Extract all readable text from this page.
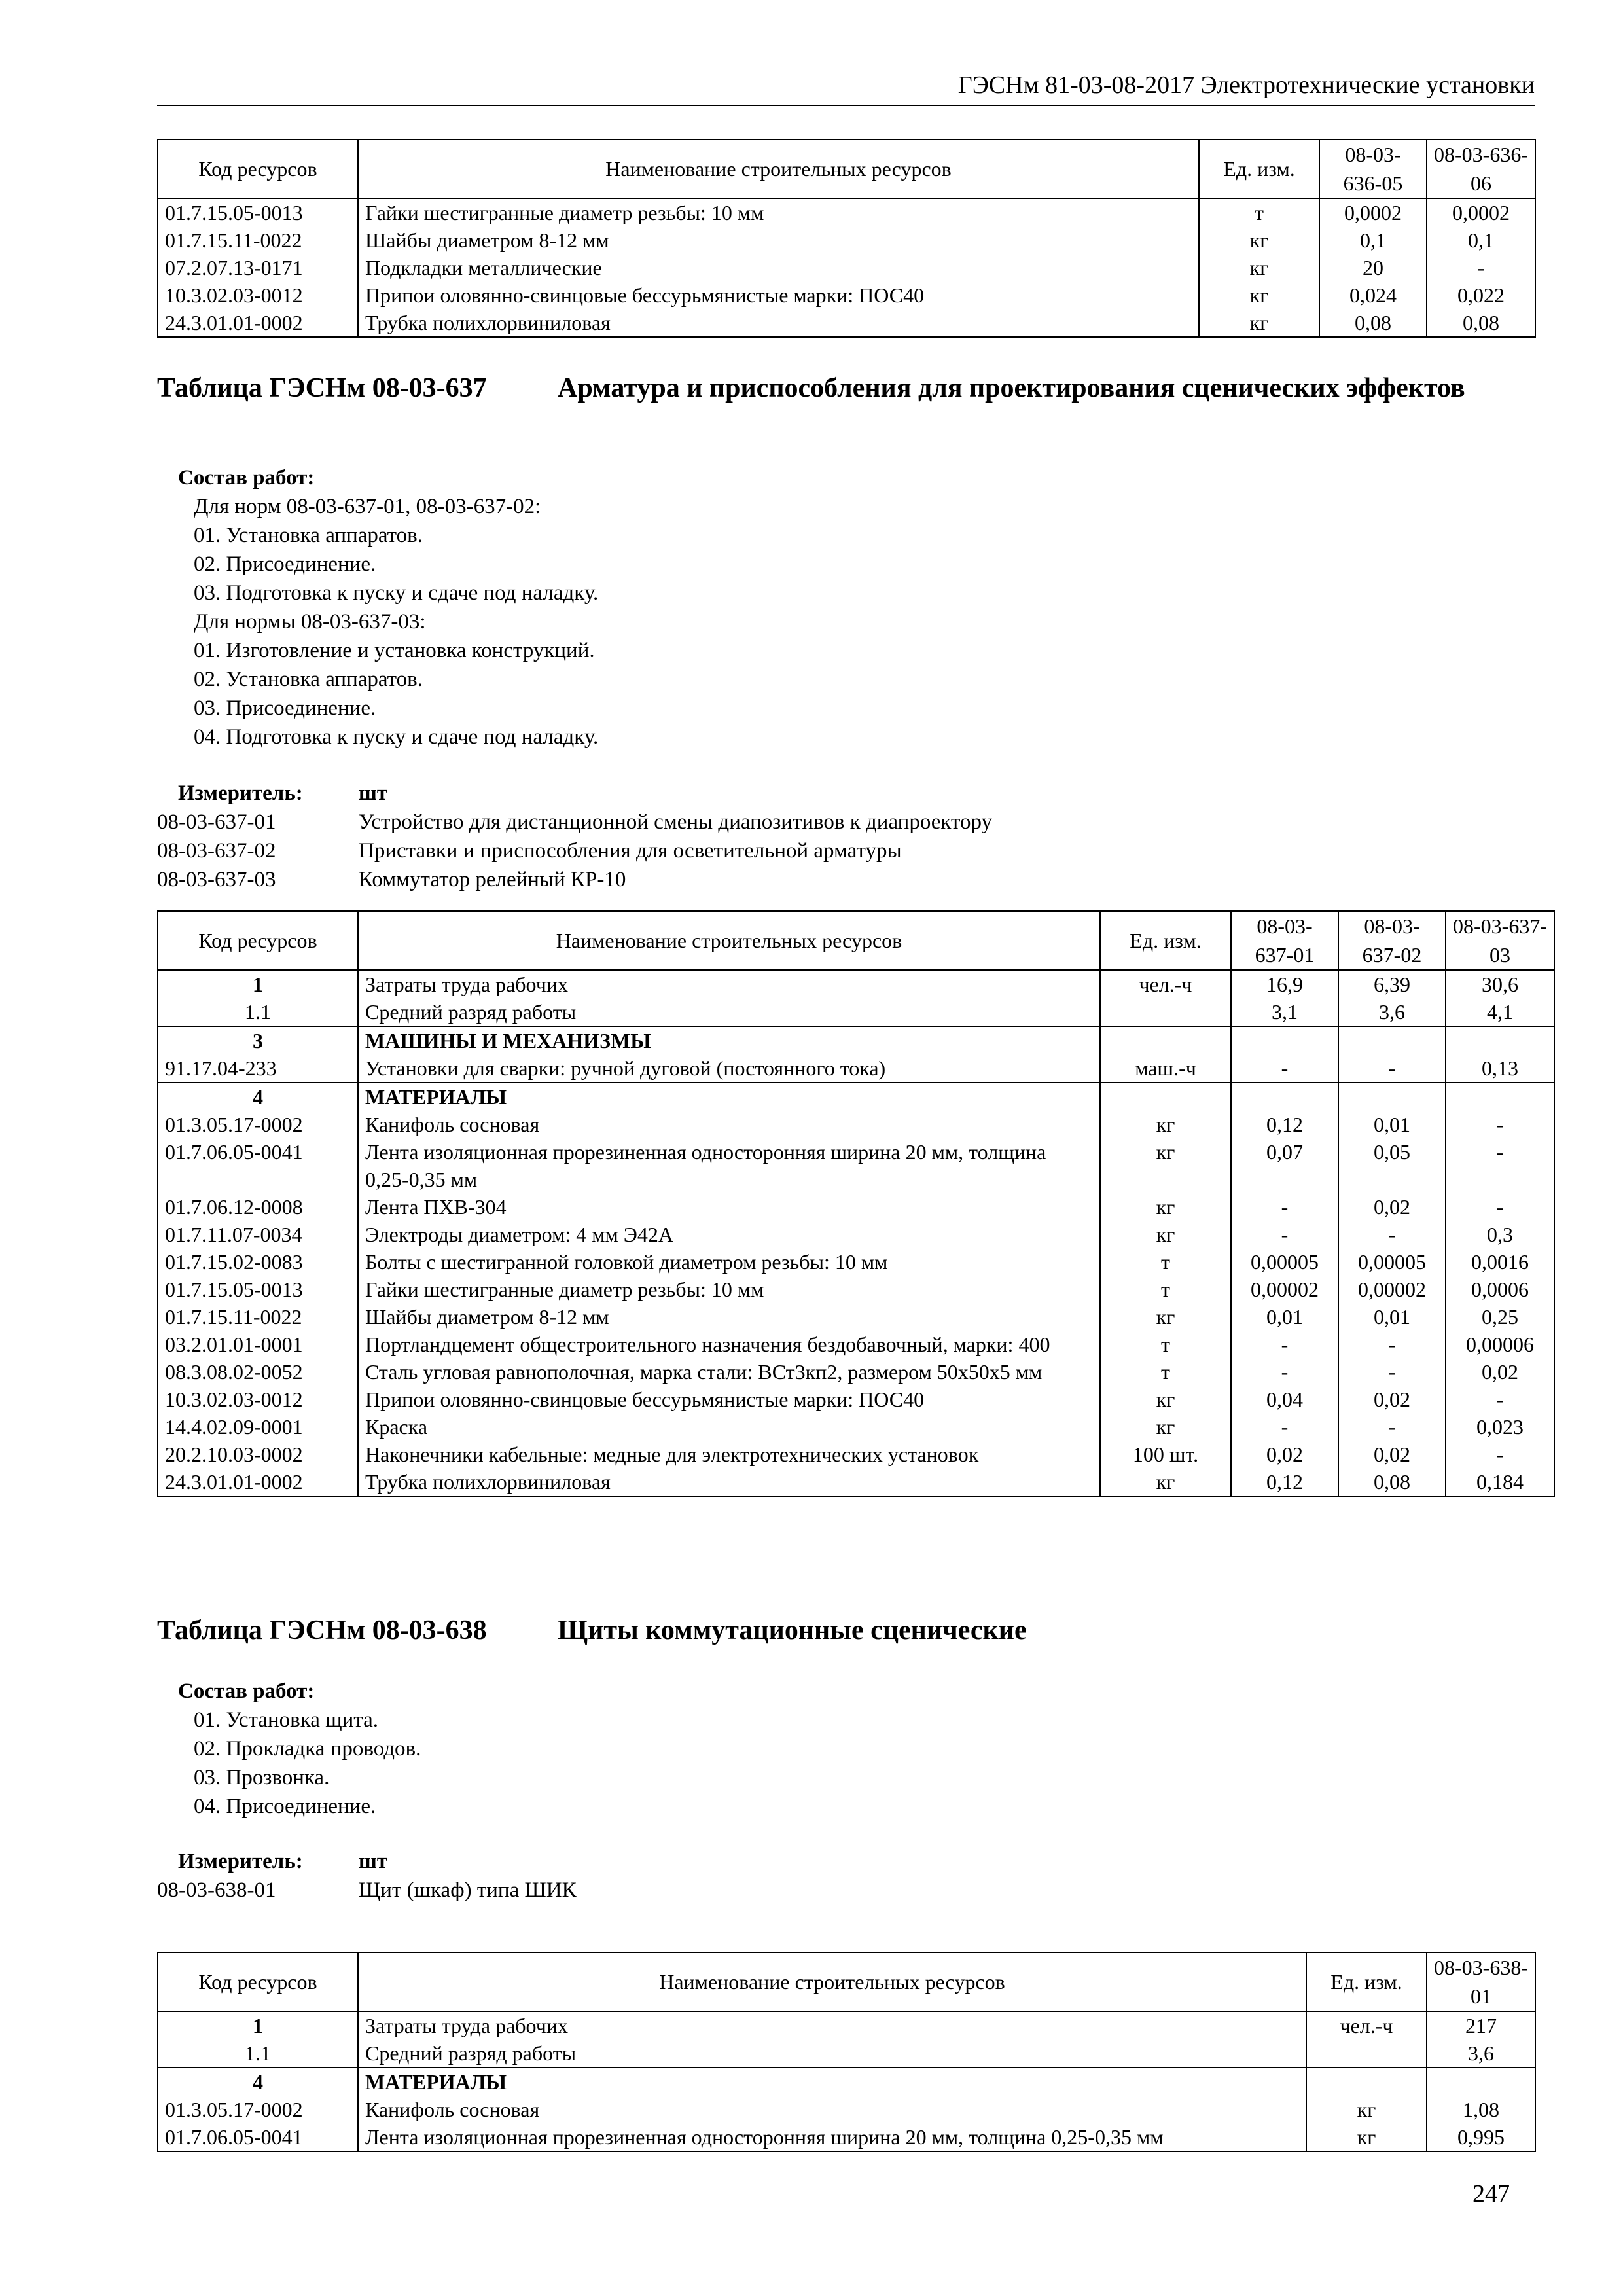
ГЭСНм 81-03-08-2017 Электротехнические установки
Код ресурсов	Наименование строительных ресурсов	Ед. изм.	08-03-636-05	08-03-636-06
01.7.15.05-0013	Гайки шестигранные диаметр резьбы: 10 мм	т	0,0002	0,0002
01.7.15.11-0022	Шайбы диаметром 8-12 мм	кг	0,1	0,1
07.2.07.13-0171	Подкладки металлические	кг	20	-
10.3.02.03-0012	Припои оловянно-свинцовые бессурьмянистые марки: ПОС40	кг	0,024	0,022
24.3.01.01-0002	Трубка полихлорвиниловая	кг	0,08	0,08
Таблица ГЭСНм 08-03-637	Арматура и приспособления для проектирования сценических эффектов
Состав работ:
Для норм 08-03-637-01, 08-03-637-02:
01. Установка аппаратов.
02. Присоединение.
03. Подготовка к пуску и сдаче под наладку.
Для нормы 08-03-637-03:
01. Изготовление и установка конструкций.
02. Установка аппаратов.
03. Присоединение.
04. Подготовка к пуску и сдаче под наладку.
Измеритель:	шт
08-03-637-01	Устройство для дистанционной смены диапозитивов к диапроектору
08-03-637-02	Приставки и приспособления для осветительной арматуры
08-03-637-03	Коммутатор релейный КР-10
Код ресурсов	Наименование строительных ресурсов	Ед. изм.	08-03-637-01	08-03-637-02	08-03-637-03
1	Затраты труда рабочих	чел.-ч	16,9	6,39	30,6
1.1	Средний разряд работы		3,1	3,6	4,1
3	МАШИНЫ И МЕХАНИЗМЫ				
91.17.04-233	Установки для сварки: ручной дуговой (постоянного тока)	маш.-ч	-	-	0,13
4	МАТЕРИАЛЫ				
01.3.05.17-0002	Канифоль сосновая	кг	0,12	0,01	-
01.7.06.05-0041	Лента изоляционная прорезиненная односторонняя ширина 20 мм, толщина 0,25-0,35 мм	кг	0,07	0,05	-
01.7.06.12-0008	Лента ПХВ-304	кг	-	0,02	-
01.7.11.07-0034	Электроды диаметром: 4 мм Э42А	кг	-	-	0,3
01.7.15.02-0083	Болты с шестигранной головкой диаметром резьбы: 10 мм	т	0,00005	0,00005	0,0016
01.7.15.05-0013	Гайки шестигранные диаметр резьбы: 10 мм	т	0,00002	0,00002	0,0006
01.7.15.11-0022	Шайбы диаметром 8-12 мм	кг	0,01	0,01	0,25
03.2.01.01-0001	Портландцемент общестроительного назначения бездобавочный, марки: 400	т	-	-	0,00006
08.3.08.02-0052	Сталь угловая равнополочная, марка стали: ВСт3кп2, размером 50х50х5 мм	т	-	-	0,02
10.3.02.03-0012	Припои оловянно-свинцовые бессурьмянистые марки: ПОС40	кг	0,04	0,02	-
14.4.02.09-0001	Краска	кг	-	-	0,023
20.2.10.03-0002	Наконечники кабельные: медные для электротехнических установок	100 шт.	0,02	0,02	-
24.3.01.01-0002	Трубка полихлорвиниловая	кг	0,12	0,08	0,184
Таблица ГЭСНм 08-03-638	Щиты коммутационные сценические
Состав работ:
01. Установка щита.
02. Прокладка проводов.
03. Прозвонка.
04. Присоединение.
Измеритель:	шт
08-03-638-01	Щит (шкаф) типа ШИК
Код ресурсов	Наименование строительных ресурсов	Ед. изм.	08-03-638-01
1	Затраты труда рабочих	чел.-ч	217
1.1	Средний разряд работы		3,6
4	МАТЕРИАЛЫ		
01.3.05.17-0002	Канифоль сосновая	кг	1,08
01.7.06.05-0041	Лента изоляционная прорезиненная односторонняя ширина 20 мм, толщина 0,25-0,35 мм	кг	0,995
247
